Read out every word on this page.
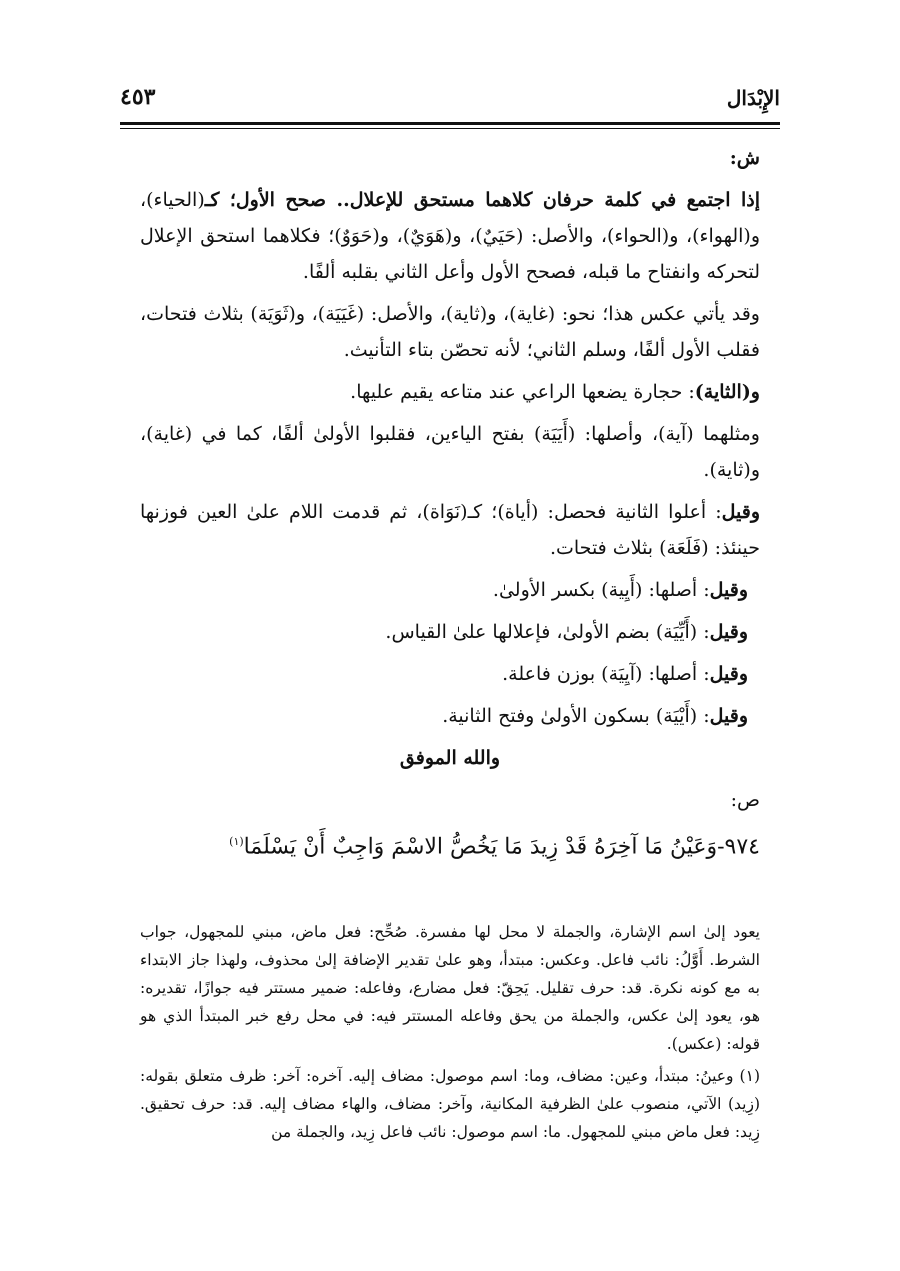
الإِبْدَال
٤٥٣

ش:

إذا اجتمع في كلمة حرفان كلاهما مستحق للإعلال.. صحح الأول؛ كـ(الحياء)، و(الهواء)، و(الحواء)، والأصل: (حَيَيٌ)، و(هَوَيٌ)، و(حَوَوٌ)؛ فكلاهما استحق الإعلال لتحركه وانفتاح ما قبله، فصحح الأول وأعل الثاني بقلبه ألفًا.

وقد يأتي عكس هذا؛ نحو: (غاية)، و(ثاية)، والأصل: (غَيَيَة)، و(ثَوَيَة) بثلاث فتحات، فقلب الأول ألفًا، وسلم الثاني؛ لأنه تحصّن بتاء التأنيث.

و(الثاية): حجارة يضعها الراعي عند متاعه يقيم عليها.

ومثلهما (آية)، وأصلها: (أَيَيَة) بفتح الياءين، فقلبوا الأولىٰ ألفًا، كما في (غاية)، و(ثاية).

وقيل: أعلوا الثانية فحصل: (أياة)؛ كـ(نَوَاة)، ثم قدمت اللام علىٰ العين فوزنها حينئذ: (فَلَعَة) بثلاث فتحات.

وقيل: أصلها: (أَيِية) بكسر الأولىٰ.

وقيل: (أَيِّيَة) بضم الأولىٰ، فإعلالها علىٰ القياس.

وقيل: أصلها: (آيِيَة) بوزن فاعلة.

وقيل: (أَيْيَة) بسكون الأولىٰ وفتح الثانية.

والله الموفق

ص:

٩٧٤-وَعَيْنُ مَا آخِرَهُ قَدْ زِيدَ مَا يَخُصُّ الاسْمَ وَاجِبٌ أَنْ يَسْلَمَا$^{(١)}$

يعود إلىٰ اسم الإشارة، والجملة لا محل لها مفسرة. صُحِّح: فعل ماض، مبني للمجهول، جواب الشرط. أَوَّلُ: نائب فاعل. وعكس: مبتدأ، وهو علىٰ تقدير الإضافة إلىٰ محذوف، ولهذا جاز الابتداء به مع كونه نكرة. قد: حرف تقليل. يَحِقّ: فعل مضارع، وفاعله: ضمير مستتر فيه جوازًا، تقديره: هو، يعود إلىٰ عكس، والجملة من يحق وفاعله المستتر فيه: في محل رفع خبر المبتدأ الذي هو قوله: (عكس).

(١)وعينُ: مبتدأ، وعين: مضاف، وما: اسم موصول: مضاف إليه. آخره: آخر: ظرف متعلق بقوله: (زِيد) الآتي، منصوب علىٰ الظرفية المكانية، وآخر: مضاف، والهاء مضاف إليه. قد: حرف تحقيق. زِيد: فعل ماض مبني للمجهول. ما: اسم موصول: نائب فاعل زِيد، والجملة من
